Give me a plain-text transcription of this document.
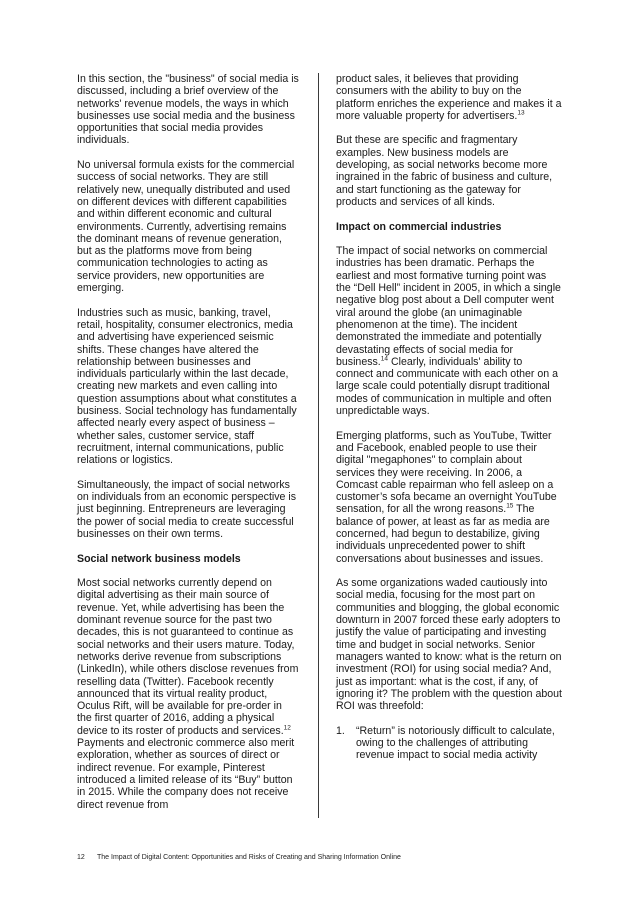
In this section, the "business" of social media is discussed, including a brief overview of the networks' revenue models, the ways in which businesses use social media and the business opportunities that social media provides individuals.

No universal formula exists for the commercial success of social networks. They are still relatively new, unequally distributed and used on different devices with different capabilities and within different economic and cultural environments. Currently, advertising remains the dominant means of revenue generation, but as the platforms move from being communication technologies to acting as service providers, new opportunities are emerging.

Industries such as music, banking, travel, retail, hospitality, consumer electronics, media and advertising have experienced seismic shifts. These changes have altered the relationship between businesses and individuals particularly within the last decade, creating new markets and even calling into question assumptions about what constitutes a business. Social technology has fundamentally affected nearly every aspect of business – whether sales, customer service, staff recruitment, internal communications, public relations or logistics.

Simultaneously, the impact of social networks on individuals from an economic perspective is just beginning. Entrepreneurs are leveraging the power of social media to create successful businesses on their own terms.

Social network business models

Most social networks currently depend on digital advertising as their main source of revenue. Yet, while advertising has been the dominant revenue source for the past two decades, this is not guaranteed to continue as social networks and their users mature. Today, networks derive revenue from subscriptions (LinkedIn), while others disclose revenues from reselling data (Twitter). Facebook recently announced that its virtual reality product, Oculus Rift, will be available for pre-order in the first quarter of 2016, adding a physical device to its roster of products and services.$^{12}$ Payments and electronic commerce also merit exploration, whether as sources of direct or indirect revenue. For example, Pinterest introduced a limited release of its “Buy” button in 2015. While the company does not receive direct revenue from

product sales, it believes that providing consumers with the ability to buy on the platform enriches the experience and makes it a more valuable property for advertisers.$^{13}$

But these are specific and fragmentary examples. New business models are developing, as social networks become more ingrained in the fabric of business and culture, and start functioning as the gateway for products and services of all kinds.

Impact on commercial industries

The impact of social networks on commercial industries has been dramatic. Perhaps the earliest and most formative turning point was the “Dell Hell” incident in 2005, in which a single negative blog post about a Dell computer went viral around the globe (an unimaginable phenomenon at the time). The incident demonstrated the immediate and potentially devastating effects of social media for business.$^{14}$ Clearly, individuals' ability to connect and communicate with each other on a large scale could potentially disrupt traditional modes of communication in multiple and often unpredictable ways.

Emerging platforms, such as YouTube, Twitter and Facebook, enabled people to use their digital "megaphones" to complain about services they were receiving. In 2006, a Comcast cable repairman who fell asleep on a customer’s sofa became an overnight YouTube sensation, for all the wrong reasons.$^{15}$ The balance of power, at least as far as media are concerned, had begun to destabilize, giving individuals unprecedented power to shift conversations about businesses and issues.

As some organizations waded cautiously into social media, focusing for the most part on communities and blogging, the global economic downturn in 2007 forced these early adopters to justify the value of participating and investing time and budget in social networks. Senior managers wanted to know: what is the return on investment (ROI) for using social media? And, just as important: what is the cost, if any, of ignoring it? The problem with the question about ROI was threefold:

1. “Return” is notoriously difficult to calculate, owing to the challenges of attributing revenue impact to social media activity
12 The Impact of Digital Content: Opportunities and Risks of Creating and Sharing Information Online
